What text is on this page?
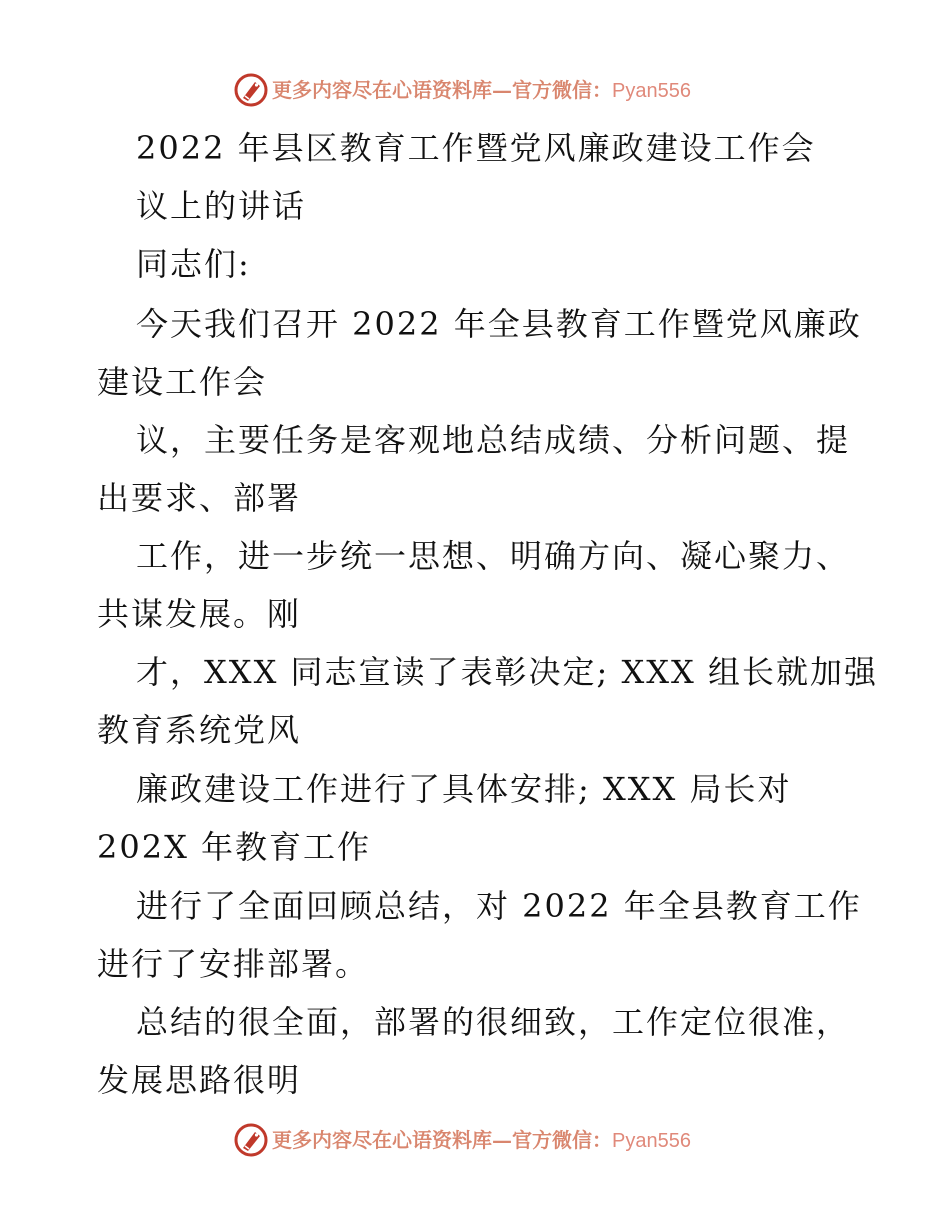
更多内容尽在心语资料库—官方微信：Pyan556
2022 年县区教育工作暨党风廉政建设工作会
议上的讲话
同志们:
今天我们召开 2022 年全县教育工作暨党风廉政
建设工作会
议，主要任务是客观地总结成绩、分析问题、提
出要求、部署
工作，进一步统一思想、明确方向、凝心聚力、
共谋发展。刚
才，XXX 同志宣读了表彰决定; XXX 组长就加强
教育系统党风
廉政建设工作进行了具体安排; XXX 局长对
202X 年教育工作
进行了全面回顾总结，对 2022 年全县教育工作
进行了安排部署。
总结的很全面，部署的很细致，工作定位很准，
发展思路很明
更多内容尽在心语资料库—官方微信：Pyan556
